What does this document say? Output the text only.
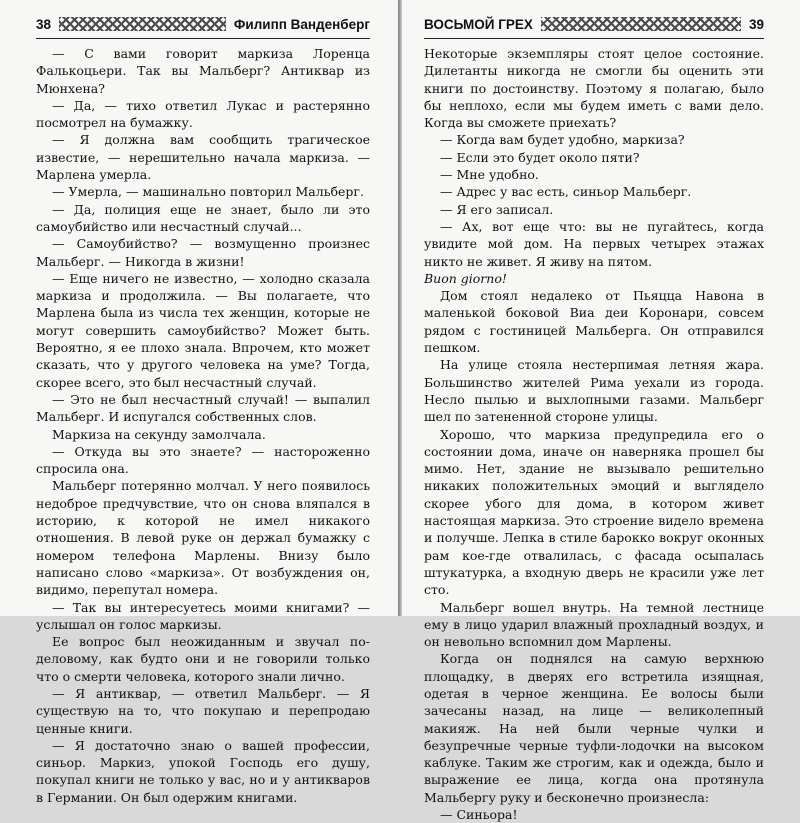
38	Филипп Ванденберг

— С вами говорит маркиза Лоренца Фалькоцьери. Так вы Мальберг? Антиквар из Мюнхена?

— Да, — тихо ответил Лукас и растерянно посмотрел на бумажку.

— Я должна вам сообщить трагическое известие, — нерешительно начала маркиза. — Марлена умерла.

— Умерла, — машинально повторил Мальберг.

— Да, полиция еще не знает, было ли это самоубийство или несчастный случай...

— Самоубийство? — возмущенно произнес Мальберг. — Никогда в жизни!

— Еще ничего не известно, — холодно сказала маркиза и продолжила. — Вы полагаете, что Марлена была из числа тех женщин, которые не могут совершить самоубийство? Может быть. Вероятно, я ее плохо знала. Впрочем, кто может сказать, что у другого человека на уме? Тогда, скорее всего, это был несчастный случай.

— Это не был несчастный случай! — выпалил Мальберг. И испугался собственных слов.

Маркиза на секунду замолчала.

— Откуда вы это знаете? — настороженно спросила она.

Мальберг потерянно молчал. У него появилось недоброе предчувствие, что он снова вляпался в историю, к которой не имел никакого отношения. В левой руке он держал бумажку с номером телефона Марлены. Внизу было написано слово «маркиза». От возбуждения он, видимо, перепутал номера.

— Так вы интересуетесь моими книгами? — услышал он голос маркизы.

Ее вопрос был неожиданным и звучал по-деловому, как будто они и не говорили только что о смерти человека, которого знали лично.

— Я антиквар, — ответил Мальберг. — Я существую на то, что покупаю и перепродаю ценные книги.

— Я достаточно знаю о вашей профессии, синьор. Маркиз, упокой Господь его душу, покупал книги не только у вас, но и у антикваров в Германии. Он был одержим книгами.

ВОСЬМОЙ ГРЕХ	39

Некоторые экземпляры стоят целое состояние. Дилетанты никогда не смогли бы оценить эти книги по достоинству. Поэтому я полагаю, было бы неплохо, если мы будем иметь с вами дело. Когда вы сможете приехать?

— Когда вам будет удобно, маркиза?

— Если это будет около пяти?

— Мне удобно.

— Адрес у вас есть, синьор Мальберг.

— Я его записал.

— Ах, вот еще что: вы не пугайтесь, когда увидите мой дом. На первых четырех этажах никто не живет. Я живу на пятом.

Buon giorno!

Дом стоял недалеко от Пьяцца Навона в маленькой боковой Виа деи Коронари, совсем рядом с гостиницей Мальберга. Он отправился пешком.

На улице стояла нестерпимая летняя жара. Большинство жителей Рима уехали из города. Несло пылью и выхлопными газами. Мальберг шел по затененной стороне улицы.

Хорошо, что маркиза предупредила его о состоянии дома, иначе он наверняка прошел бы мимо. Нет, здание не вызывало решительно никаких положительных эмоций и выглядело скорее убого для дома, в котором живет настоящая маркиза. Это строение видело времена и получше. Лепка в стиле барокко вокруг оконных рам кое-где отвалилась, с фасада осыпалась штукатурка, а входную дверь не красили уже лет сто.

Мальберг вошел внутрь. На темной лестнице ему в лицо ударил влажный прохладный воздух, и он невольно вспомнил дом Марлены.

Когда он поднялся на самую верхнюю площадку, в дверях его встретила изящная, одетая в черное женщина. Ее волосы были зачесаны назад, на лице — великолепный макияж. На ней были черные чулки и безупречные черные туфли-лодочки на высоком каблуке. Таким же строгим, как и одежда, было и выражение ее лица, когда она протянула Мальбергу руку и бесконечно произнесла:

— Синьора!
